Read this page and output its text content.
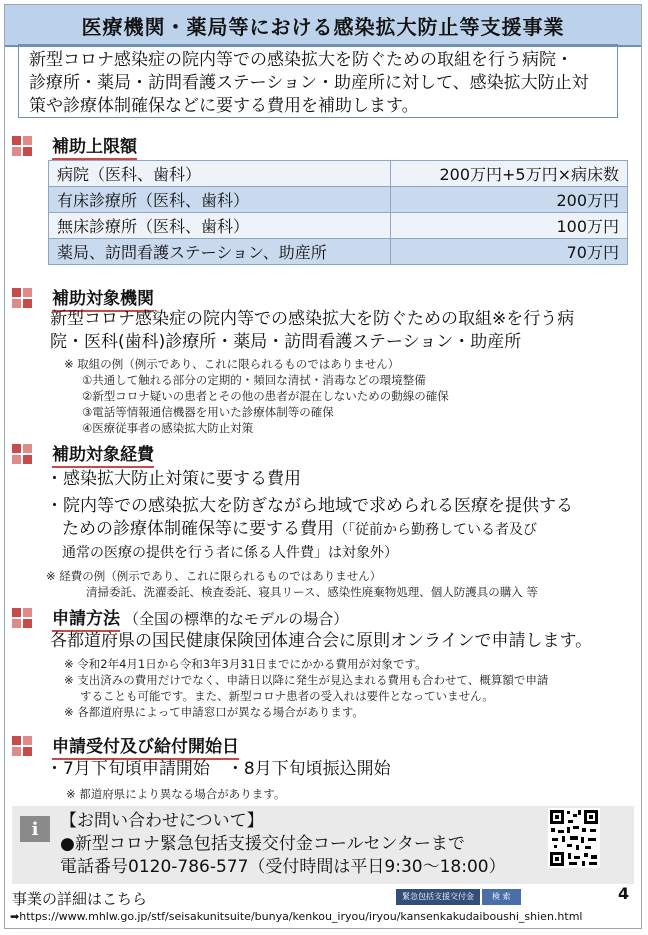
医療機関・薬局等における感染拡大防止等支援事業
新型コロナ感染症の院内等での感染拡大を防ぐための取組を行う病院・
診療所・薬局・訪問看護ステーション・助産所に対して、感染拡大防止対
策や診療体制確保などに要する費用を補助します。
補助上限額
病院（医科、歯科）	200万円+5万円×病床数
有床診療所（医科、歯科）	200万円
無床診療所（医科、歯科）	100万円
薬局、訪問看護ステーション、助産所	70万円
補助対象機関
新型コロナ感染症の院内等での感染拡大を防ぐための取組※を行う病
院・医科(歯科)診療所・薬局・訪問看護ステーション・助産所
※ 取組の例（例示であり、これに限られるものではありません）
①共通して触れる部分の定期的・頻回な清拭・消毒などの環境整備
②新型コロナ疑いの患者とその他の患者が混在しないための動線の確保
③電話等情報通信機器を用いた診療体制等の確保
④医療従事者の感染拡大防止対策
補助対象経費
・感染拡大防止対策に要する費用
・院内等での感染拡大を防ぎながら地域で求められる医療を提供する
ための診療体制確保等に要する費用（「従前から勤務している者及び
通常の医療の提供を行う者に係る人件費」は対象外）
※ 経費の例（例示であり、これに限られるものではありません）
清掃委託、洗濯委託、検査委託、寝具リース、感染性廃棄物処理、個人防護具の購入 等
申請方法 （全国の標準的なモデルの場合）
各都道府県の国民健康保険団体連合会に原則オンラインで申請します。
※ 令和2年4月1日から令和3年3月31日までにかかる費用が対象です。
※ 支出済みの費用だけでなく、申請日以降に発生が見込まれる費用も合わせて、概算額で申請
することも可能です。また、新型コロナ患者の受入れは要件となっていません。
※ 各都道府県によって申請窓口が異なる場合があります。
申請受付及び給付開始日
・7月下旬頃申請開始　・8月下旬頃振込開始
※ 都道府県により異なる場合があります。
i	【お問い合わせについて】
●新型コロナ緊急包括支援交付金コールセンターまで
電話番号0120-786-577（受付時間は平日9:30～18:00）
事業の詳細はこちら	緊急包括支援交付金	検 索	4
➡https://www.mhlw.go.jp/stf/seisakunitsuite/bunya/kenkou_iryou/iryou/kansenkakudaiboushi_shien.html
